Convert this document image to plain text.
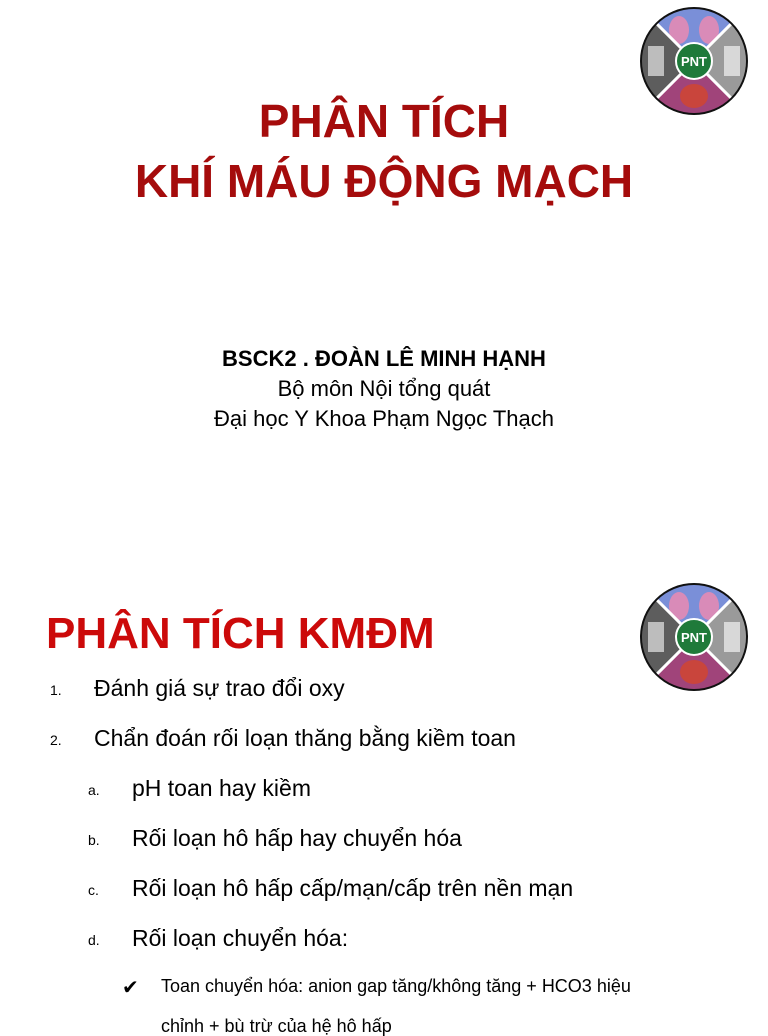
PNT
PHÂN TÍCH
KHÍ MÁU ĐỘNG MẠCH
BSCK2 . ĐOÀN LÊ MINH HẠNH
Bộ môn Nội tổng quát
Đại học Y Khoa Phạm Ngọc Thạch
PNT
PHÂN TÍCH KMĐM
1. Đánh giá sự trao đổi oxy
2. Chẩn đoán rối loạn thăng bằng kiềm toan
a. pH toan hay kiềm
b. Rối loạn hô hấp hay chuyển hóa
c. Rối loạn hô hấp cấp/mạn/cấp trên nền mạn
d. Rối loạn chuyển hóa:
✔ Toan chuyển hóa: anion gap tăng/không tăng + HCO3 hiệu
chỉnh + bù trừ của hệ hô hấp
